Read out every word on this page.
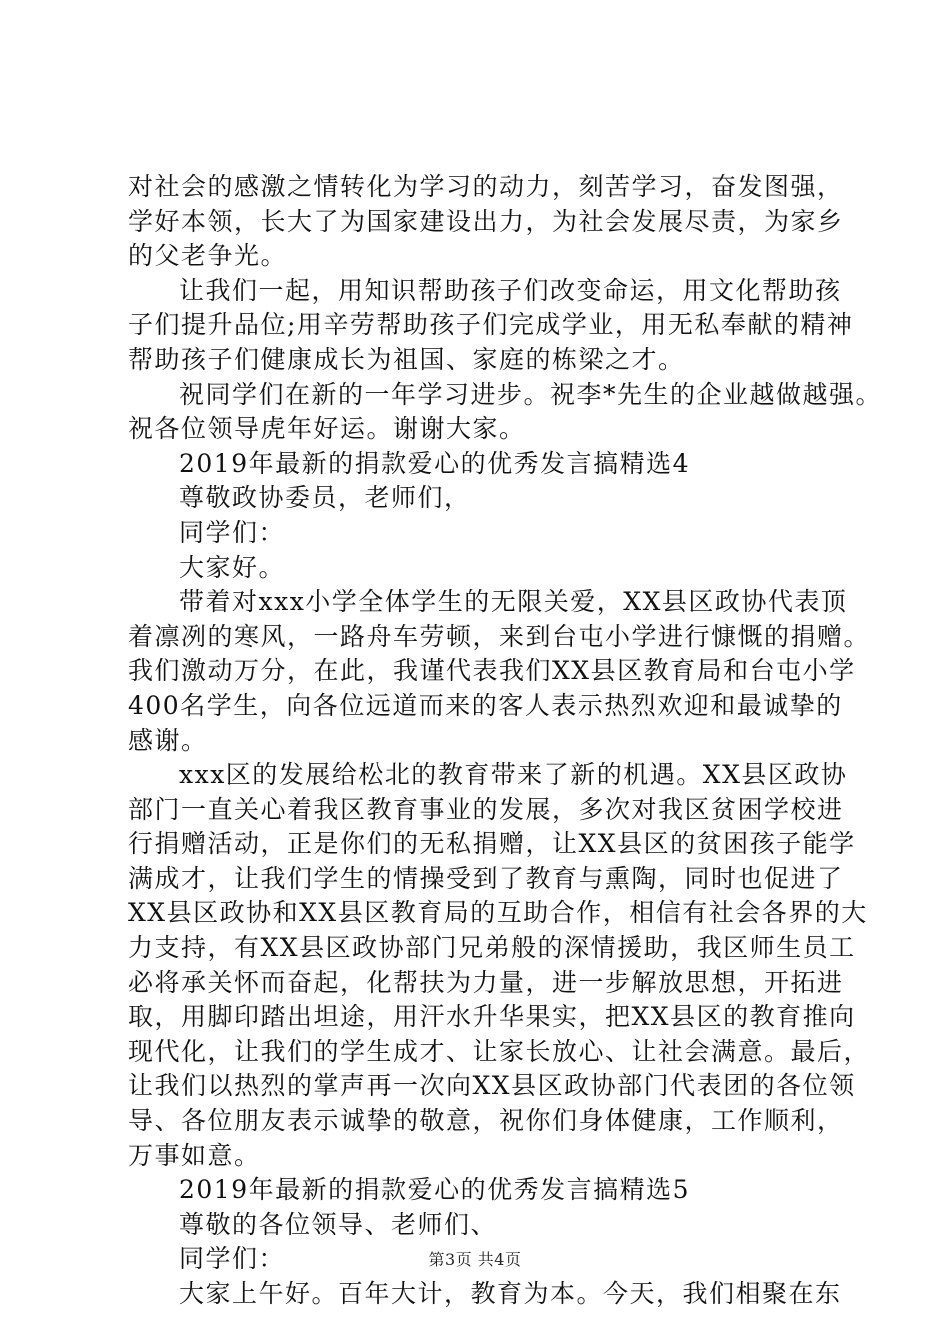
对社会的感激之情转化为学习的动力，刻苦学习，奋发图强，
学好本领，长大了为国家建设出力，为社会发展尽责，为家乡
的父老争光。
让我们一起，用知识帮助孩子们改变命运，用文化帮助孩
子们提升品位;用辛劳帮助孩子们完成学业，用无私奉献的精神
帮助孩子们健康成长为祖国、家庭的栋梁之才。
祝同学们在新的一年学习进步。祝李*先生的企业越做越强。
祝各位领导虎年好运。谢谢大家。
2019年最新的捐款爱心的优秀发言搞精选4
尊敬政协委员，老师们，
同学们：
大家好。
带着对xxx小学全体学生的无限关爱，XX县区政协代表顶
着凛冽的寒风，一路舟车劳顿，来到台屯小学进行慷慨的捐赠。
我们激动万分，在此，我谨代表我们XX县区教育局和台屯小学
400名学生，向各位远道而来的客人表示热烈欢迎和最诚挚的
感谢。
xxx区的发展给松北的教育带来了新的机遇。XX县区政协
部门一直关心着我区教育事业的发展，多次对我区贫困学校进
行捐赠活动，正是你们的无私捐赠，让XX县区的贫困孩子能学
满成才，让我们学生的情操受到了教育与熏陶，同时也促进了
XX县区政协和XX县区教育局的互助合作，相信有社会各界的大
力支持，有XX县区政协部门兄弟般的深情援助，我区师生员工
必将承关怀而奋起，化帮扶为力量，进一步解放思想，开拓进
取，用脚印踏出坦途，用汗水升华果实，把XX县区的教育推向
现代化，让我们的学生成才、让家长放心、让社会满意。最后，
让我们以热烈的掌声再一次向XX县区政协部门代表团的各位领
导、各位朋友表示诚挚的敬意，祝你们身体健康，工作顺利，
万事如意。
2019年最新的捐款爱心的优秀发言搞精选5
尊敬的各位领导、老师们、
同学们：
大家上午好。百年大计，教育为本。今天，我们相聚在东
第3页 共4页
